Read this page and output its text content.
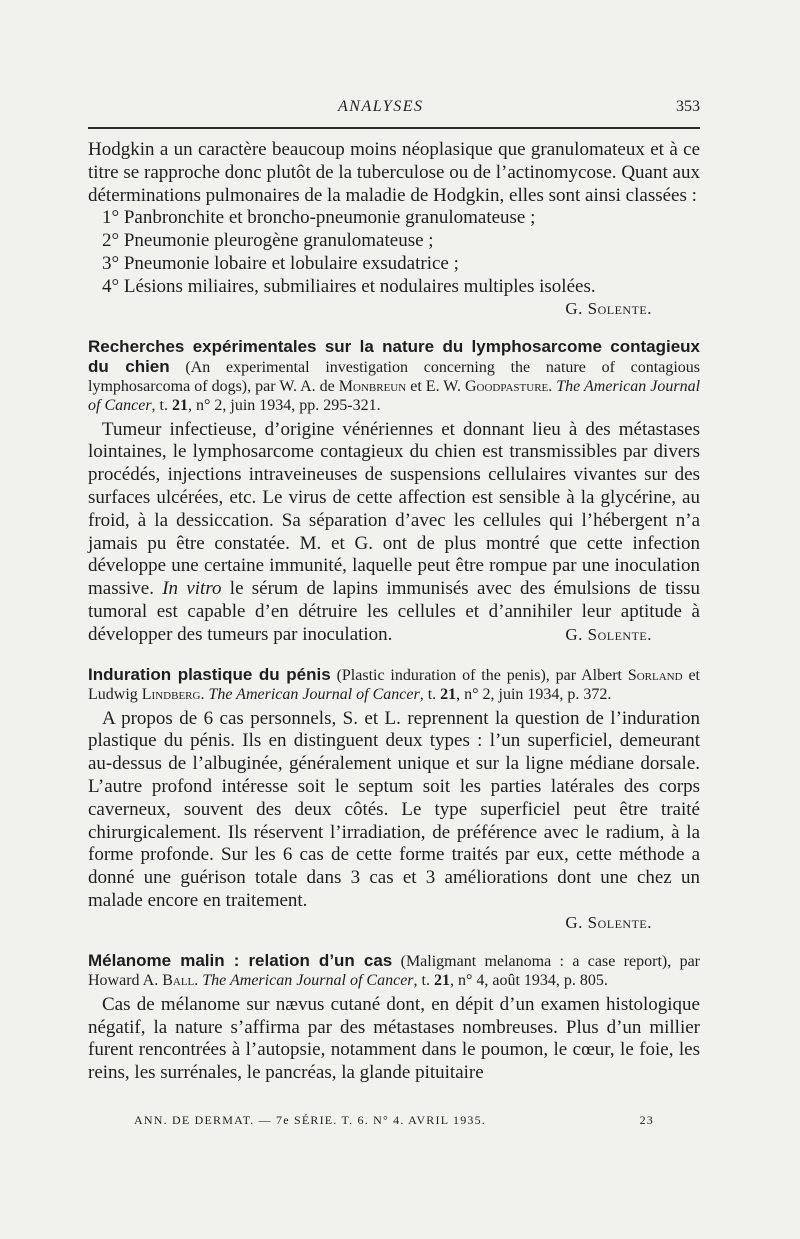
ANALYSES	353

Hodgkin a un caractère beaucoup moins néoplasique que granulomateux et à ce titre se rapproche donc plutôt de la tuberculose ou de l’actinomycose. Quant aux déterminations pulmonaires de la maladie de Hodgkin, elles sont ainsi classées :

1° Panbronchite et broncho-pneumonie granulomateuse ;

2° Pneumonie pleurogène granulomateuse ;

3° Pneumonie lobaire et lobulaire exsudatrice ;

4° Lésions miliaires, submiliaires et nodulaires multiples isolées.

G. Solente.

Recherches expérimentales sur la nature du lymphosarcome contagieux du chien (An experimental investigation concerning the nature of contagious lymphosarcoma of dogs), par W. A. de Monbreun et E. W. Goodpasture. The American Journal of Cancer, t. 21, n° 2, juin 1934, pp. 295-321.

Tumeur infectieuse, d’origine vénériennes et donnant lieu à des métastases lointaines, le lymphosarcome contagieux du chien est transmissibles par divers procédés, injections intraveineuses de suspensions cellulaires vivantes sur des surfaces ulcérées, etc. Le virus de cette affection est sensible à la glycérine, au froid, à la dessiccation. Sa séparation d’avec les cellules qui l’hébergent n’a jamais pu être constatée. M. et G. ont de plus montré que cette infection développe une certaine immunité, laquelle peut être rompue par une inoculation massive. In vitro le sérum de lapins immunisés avec des émulsions de tissu tumoral est capable d’en détruire les cellules et d’annihiler leur aptitude à développer des tumeurs par inoculation.	G. Solente.

Induration plastique du pénis (Plastic induration of the penis), par Albert Sorland et Ludwig Lindberg. The American Journal of Cancer, t. 21, n° 2, juin 1934, p. 372.

A propos de 6 cas personnels, S. et L. reprennent la question de l’induration plastique du pénis. Ils en distinguent deux types : l’un superficiel, demeurant au-dessus de l’albuginée, généralement unique et sur la ligne médiane dorsale. L’autre profond intéresse soit le septum soit les parties latérales des corps caverneux, souvent des deux côtés. Le type superficiel peut être traité chirurgicalement. Ils réservent l’irradiation, de préférence avec le radium, à la forme profonde. Sur les 6 cas de cette forme traités par eux, cette méthode a donné une guérison totale dans 3 cas et 3 améliorations dont une chez un malade encore en traitement.

G. Solente.

Mélanome malin : relation d’un cas (Maligmant melanoma : a case report), par Howard A. Ball. The American Journal of Cancer, t. 21, n° 4, août 1934, p. 805.

Cas de mélanome sur nævus cutané dont, en dépit d’un examen histologique négatif, la nature s’affirma par des métastases nombreuses. Plus d’un millier furent rencontrées à l’autopsie, notamment dans le poumon, le cœur, le foie, les reins, les surrénales, le pancréas, la glande pituitaire

ANN. DE DERMAT. — 7e SÉRIE. T. 6. N° 4. AVRIL 1935.	23
